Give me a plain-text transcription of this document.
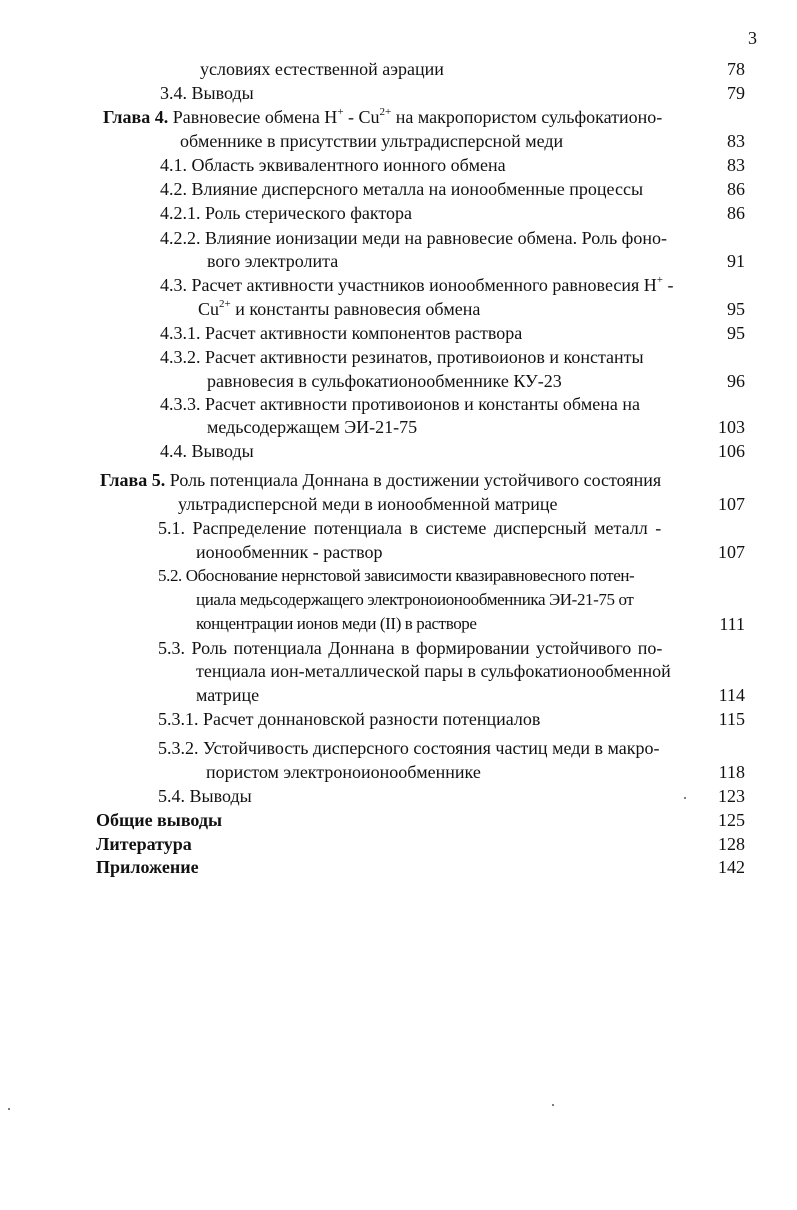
3
условиях естественной аэрации	78
3.4. Выводы	79
Глава 4. Равновесие обмена $H^+ - Cu^{2+}$ на макропористом сульфокатионо-
обменнике в присутствии ультрадисперсной меди	83
4.1. Область эквивалентного ионного обмена	83
4.2. Влияние дисперсного металла на ионообменные процессы	86
4.2.1. Роль стерического фактора	86
4.2.2. Влияние ионизации меди на равновесие обмена. Роль фоно-
вого электролита	91
4.3. Расчет активности участников ионообменного равновесия H+ -
$Cu^{2+}$ и константы равновесия обмена	95
4.3.1. Расчет активности компонентов раствора	95
4.3.2. Расчет активности резинатов, противоионов и константы
равновесия в сульфокатионообменнике КУ-23	96
4.3.3. Расчет активности противоионов и константы обмена на
медьсодержащем ЭИ-21-75	103
4.4. Выводы	106
Глава 5. Роль потенциала Доннана в достижении устойчивого состояния
ультрадисперсной меди в ионообменной матрице	107
5.1. Распределение потенциала в системе дисперсный металл -
ионообменник - раствор	107
5.2. Обоснование нернстовой зависимости квазиравновесного потен-
циала медьсодержащего электроноионообменника ЭИ-21-75 от
концентрации ионов меди (II) в растворе	111
5.3. Роль потенциала Доннана в формировании устойчивого по-
тенциала ион-металлической пары в сульфокатионообменной
матрице	114
5.3.1. Расчет доннановской разности потенциалов	115
5.3.2. Устойчивость дисперсного состояния частиц меди в макро-
пористом электроноионообменнике	118
5.4. Выводы	123
Общие выводы	125
Литература	128
Приложение	142
